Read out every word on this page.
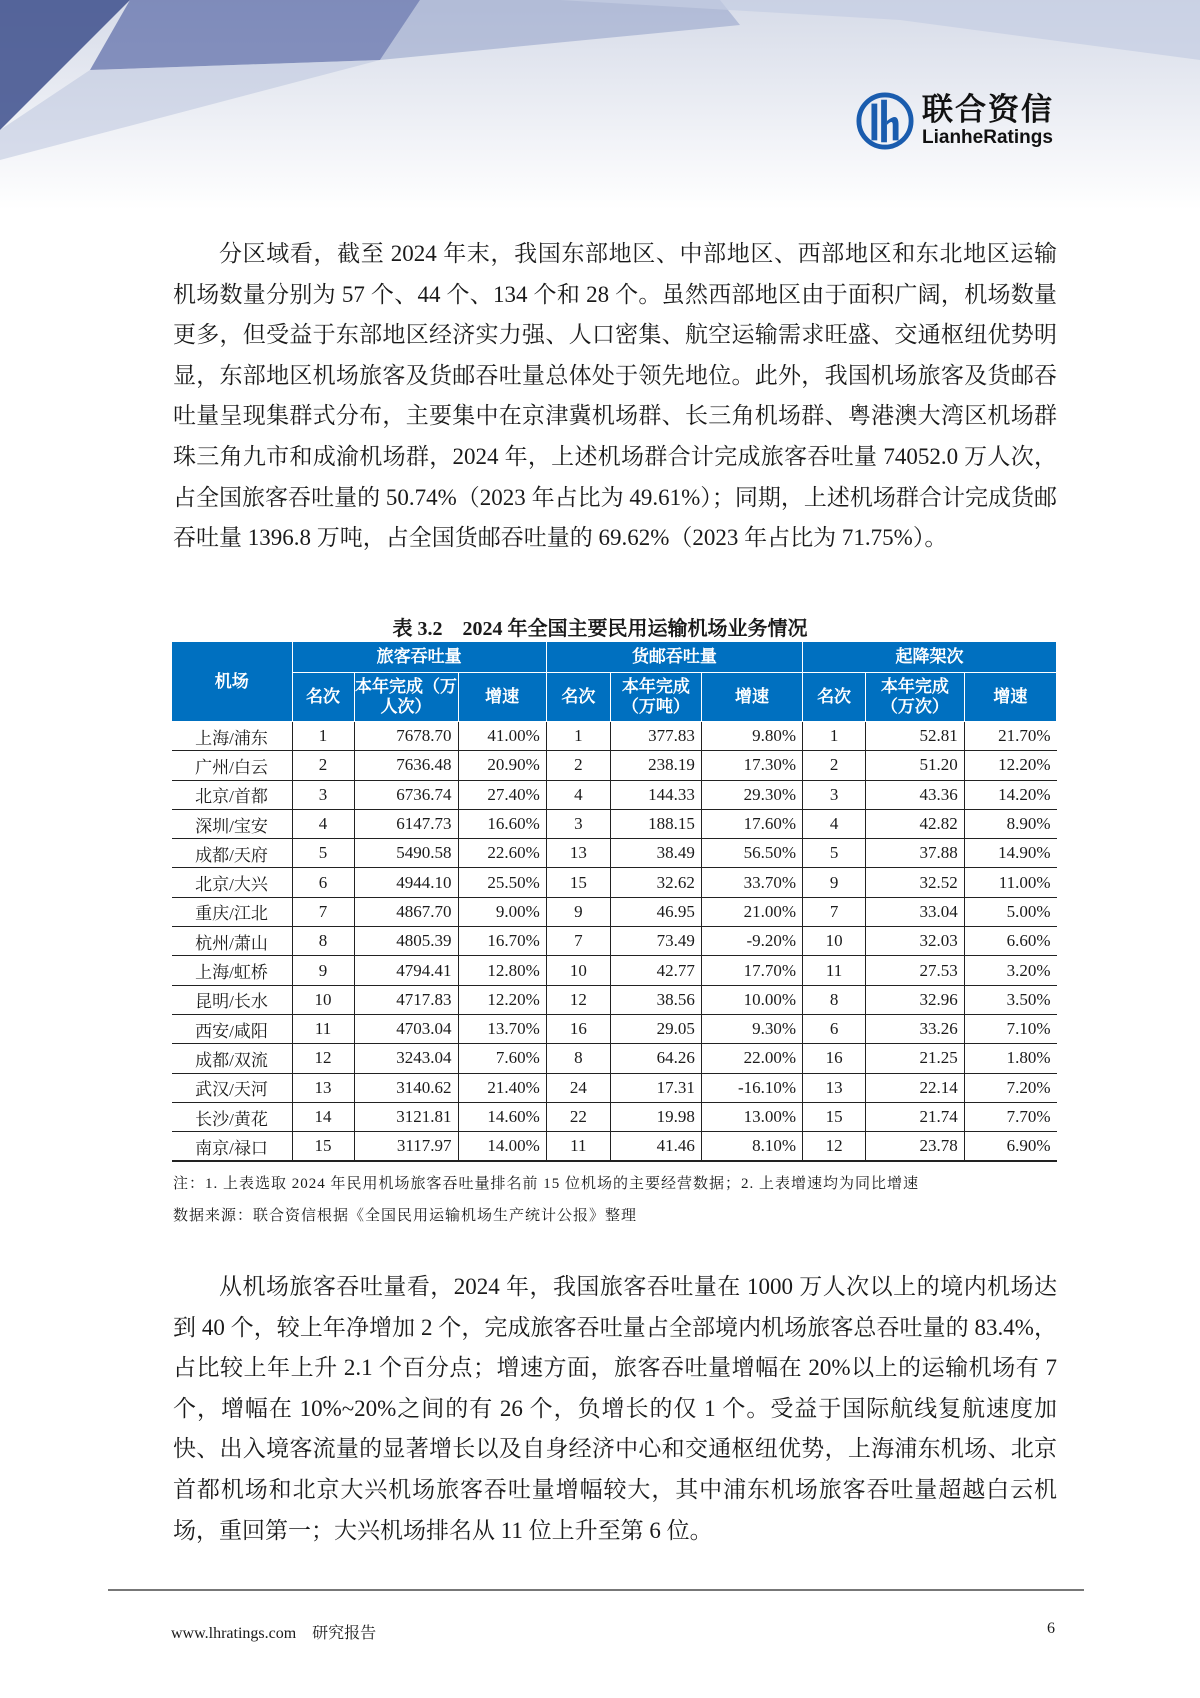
联合资信
LianheRatings
分区域看，截至 2024 年末，我国东部地区、中部地区、西部地区和东北地区运输机场数量分别为 57 个、44 个、134 个和 28 个。虽然西部地区由于面积广阔，机场数量更多，但受益于东部地区经济实力强、人口密集、航空运输需求旺盛、交通枢纽优势明显，东部地区机场旅客及货邮吞吐量总体处于领先地位。此外，我国机场旅客及货邮吞吐量呈现集群式分布，主要集中在京津冀机场群、长三角机场群、粤港澳大湾区机场群珠三角九市和成渝机场群，2024 年，上述机场群合计完成旅客吞吐量 74052.0 万人次，占全国旅客吞吐量的 50.74%（2023 年占比为 49.61%）；同期，上述机场群合计完成货邮吞吐量 1396.8 万吨，占全国货邮吞吐量的 69.62%（2023 年占比为 71.75%）。
表 3.2　2024 年全国主要民用运输机场业务情况
机场	旅客吞吐量			货邮吞吐量			起降架次		
	名次	本年完成（万人次）	增速	名次	本年完成（万吨）	增速	名次	本年完成（万次）	增速
上海/浦东	1	7678.70	41.00%	1	377.83	9.80%	1	52.81	21.70%
广州/白云	2	7636.48	20.90%	2	238.19	17.30%	2	51.20	12.20%
北京/首都	3	6736.74	27.40%	4	144.33	29.30%	3	43.36	14.20%
深圳/宝安	4	6147.73	16.60%	3	188.15	17.60%	4	42.82	8.90%
成都/天府	5	5490.58	22.60%	13	38.49	56.50%	5	37.88	14.90%
北京/大兴	6	4944.10	25.50%	15	32.62	33.70%	9	32.52	11.00%
重庆/江北	7	4867.70	9.00%	9	46.95	21.00%	7	33.04	5.00%
杭州/萧山	8	4805.39	16.70%	7	73.49	-9.20%	10	32.03	6.60%
上海/虹桥	9	4794.41	12.80%	10	42.77	17.70%	11	27.53	3.20%
昆明/长水	10	4717.83	12.20%	12	38.56	10.00%	8	32.96	3.50%
西安/咸阳	11	4703.04	13.70%	16	29.05	9.30%	6	33.26	7.10%
成都/双流	12	3243.04	7.60%	8	64.26	22.00%	16	21.25	1.80%
武汉/天河	13	3140.62	21.40%	24	17.31	-16.10%	13	22.14	7.20%
长沙/黄花	14	3121.81	14.60%	22	19.98	13.00%	15	21.74	7.70%
南京/禄口	15	3117.97	14.00%	11	41.46	8.10%	12	23.78	6.90%
注：1. 上表选取 2024 年民用机场旅客吞吐量排名前 15 位机场的主要经营数据；2. 上表增速均为同比增速
数据来源：联合资信根据《全国民用运输机场生产统计公报》整理
从机场旅客吞吐量看，2024 年，我国旅客吞吐量在 1000 万人次以上的境内机场达到 40 个，较上年净增加 2 个，完成旅客吞吐量占全部境内机场旅客总吞吐量的 83.4%，占比较上年上升 2.1 个百分点；增速方面，旅客吞吐量增幅在 20%以上的运输机场有 7 个，增幅在 10%~20%之间的有 26 个，负增长的仅 1 个。受益于国际航线复航速度加快、出入境客流量的显著增长以及自身经济中心和交通枢纽优势，上海浦东机场、北京首都机场和北京大兴机场旅客吞吐量增幅较大，其中浦东机场旅客吞吐量超越白云机场，重回第一；大兴机场排名从 11 位上升至第 6 位。
www.lhratings.com　研究报告	6
